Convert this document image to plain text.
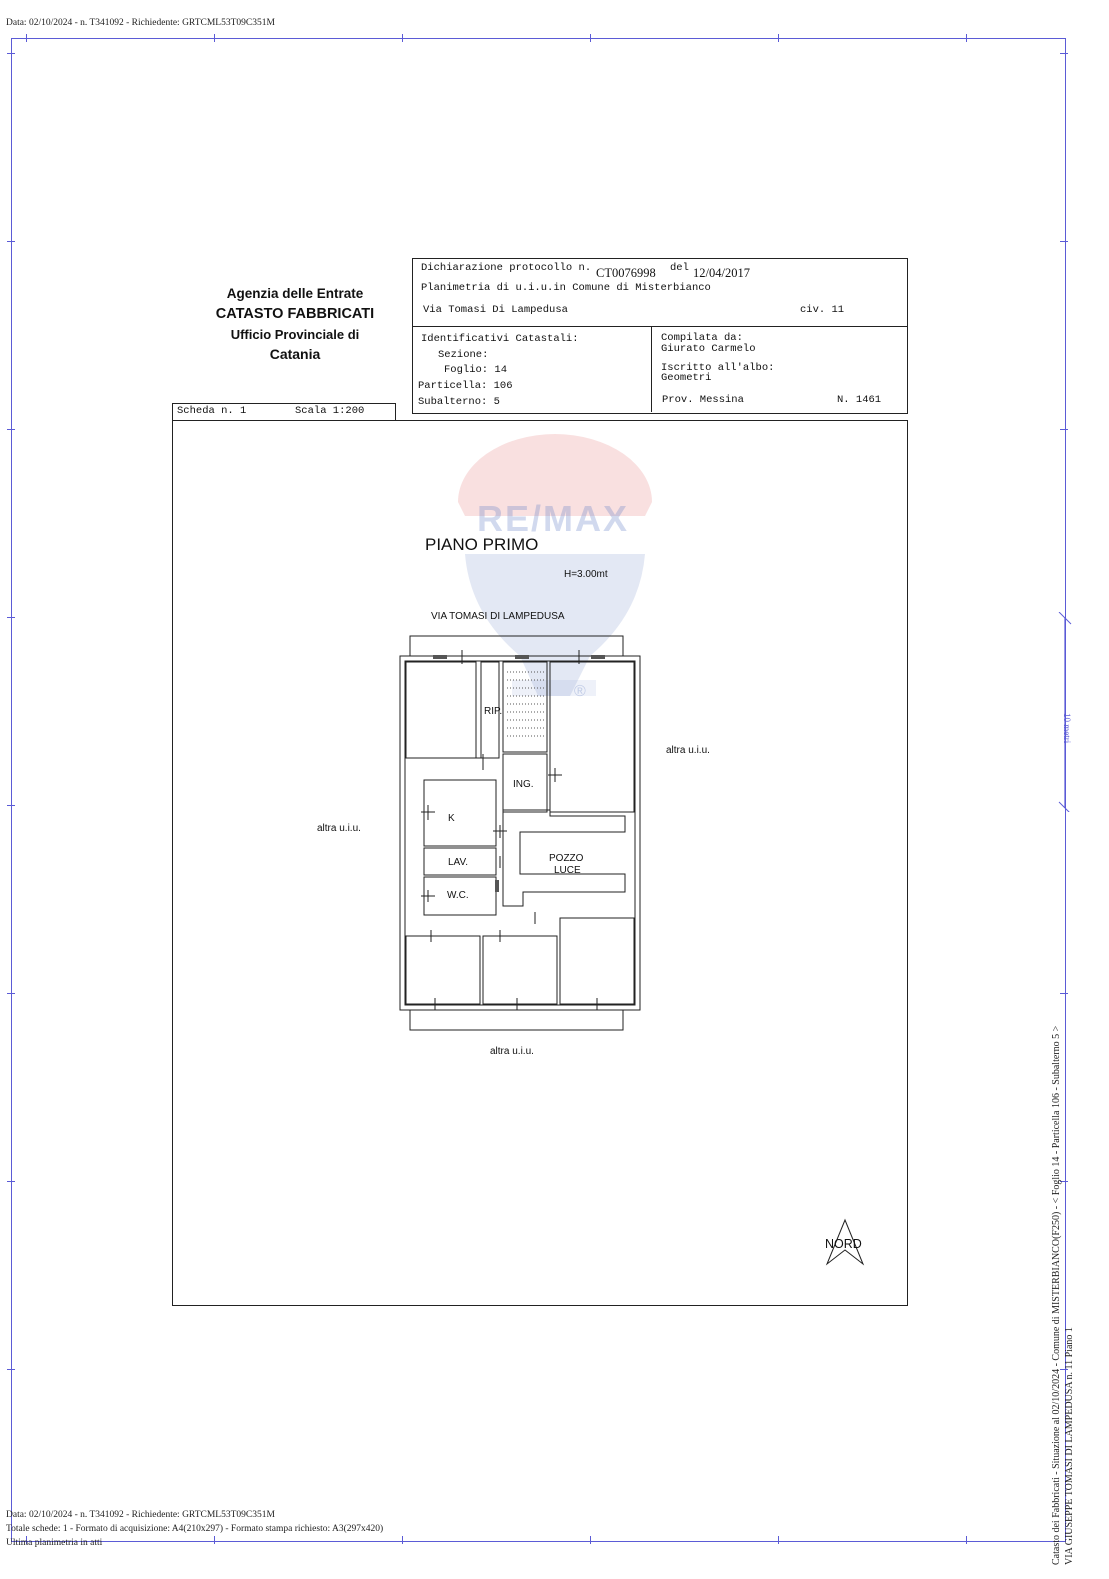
Data: 02/10/2024 - n. T341092 - Richiedente: GRTCML53T09C351M
10 metri
Agenzia delle Entrate
CATASTO FABBRICATI
Ufficio Provinciale di
Catania
Dichiarazione protocollo n. CT0076998 del 12/04/2017
Planimetria di u.i.u.in Comune di Misterbianco
Via Tomasi Di Lampedusa	civ. 11
Identificativi Catastali:
Sezione:
Foglio: 14
Particella: 106
Subalterno: 5
Compilata da:
Giurato Carmelo
Iscritto all'albo:
Geometri
Prov. Messina	N. 1461
Scheda n. 1	Scala 1:200
RE/MAX
®
PIANO PRIMO
H=3.00mt
VIA TOMASI DI LAMPEDUSA
altra u.i.u.
altra u.i.u.
altra u.i.u.
RIP.
ING.
K
LAV.
W.C.
POZZO
LUCE
NORD	Catasto dei Fabbricati - Situazione al 02/10/2024 - Comune di MISTERBIANCO(F250) - < Foglio 14 - Particella 106 - Subalterno 5 > VIA GIUSEPPE TOMASI DI LAMPEDUSA n. 11 Piano 1
Data: 02/10/2024 - n. T341092 - Richiedente: GRTCML53T09C351M
Totale schede: 1 - Formato di acquisizione: A4(210x297) - Formato stampa richiesto: A3(297x420)
Ultima planimetria in atti
